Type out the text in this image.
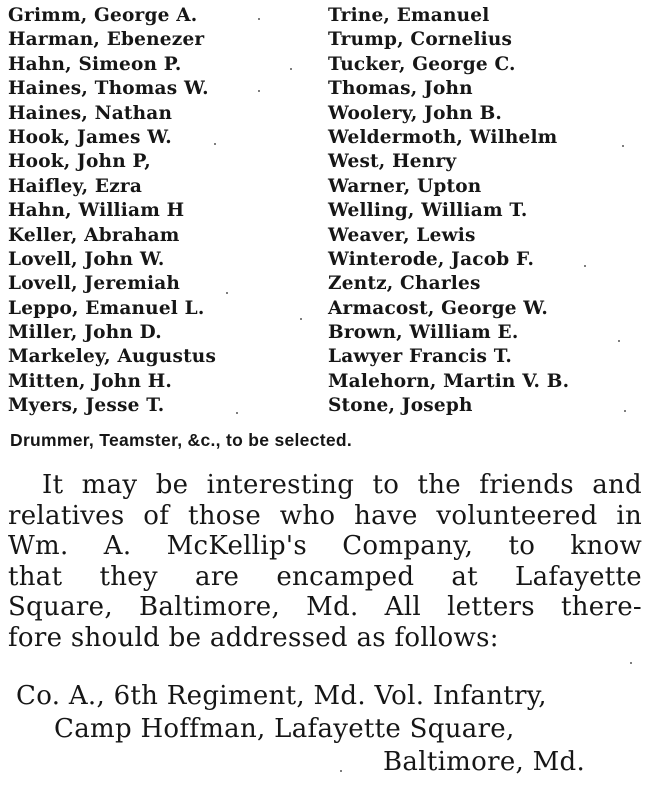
Grimm, George A.	Trine, Emanuel
Harman, Ebenezer	Trump, Cornelius
Hahn, Simeon P.	Tucker, George C.
Haines, Thomas W.	Thomas, John
Haines, Nathan	Woolery, John B.
Hook, James W.	Weldermoth, Wilhelm
Hook, John P,	West, Henry
Haifley, Ezra	Warner, Upton
Hahn, William H	Welling, William T.
Keller, Abraham	Weaver, Lewis
Lovell, John W.	Winterode, Jacob F.
Lovell, Jeremiah	Zentz, Charles
Leppo, Emanuel L.	Armacost, George W.
Miller, John D.	Brown, William E.
Markeley, Augustus	Lawyer Francis T.
Mitten, John H.	Malehorn, Martin V. B.
Myers, Jesse T.	Stone, Joseph
Drummer, Teamster, &c., to be selected.
It may be interesting to the friends and
relatives of those who have volunteered in
Wm. A. McKellip's Company, to know
that they are encamped at Lafayette
Square, Baltimore, Md. All letters there-
fore should be addressed as follows:
Co. A., 6th Regiment, Md. Vol. Infantry,
Camp Hoffman, Lafayette Square,
Baltimore, Md.
